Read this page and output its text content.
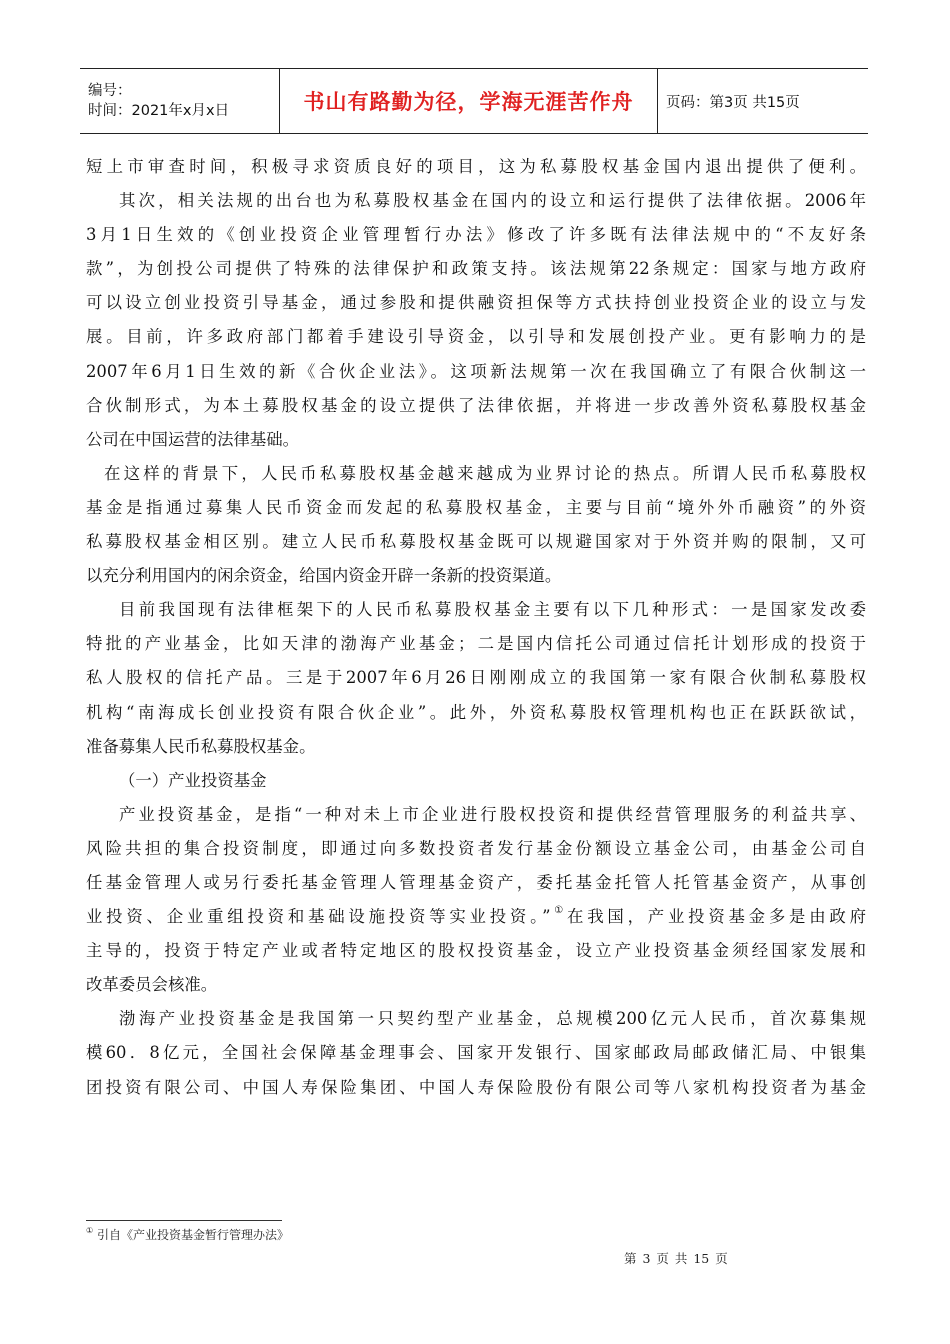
编号：
时间：2021年x月x日	书山有路勤为径，学海无涯苦作舟 页码：第3页 共15页
短上市审查时间，积极寻求资质良好的项目，这为私募股权基金国内退出提供了便利。
其次，相关法规的出台也为私募股权基金在国内的设立和运行提供了法律依据。2006年
3月1日生效的《创业投资企业管理暂行办法》修改了许多既有法律法规中的“不友好条
款”，为创投公司提供了特殊的法律保护和政策支持。该法规第22条规定：国家与地方政府
可以设立创业投资引导基金，通过参股和提供融资担保等方式扶持创业投资企业的设立与发
展。目前，许多政府部门都着手建设引导资金，以引导和发展创投产业。更有影响力的是
2007年6月1日生效的新《合伙企业法》。这项新法规第一次在我国确立了有限合伙制这一
合伙制形式，为本土募股权基金的设立提供了法律依据，并将进一步改善外资私募股权基金
公司在中国运营的法律基础。
在这样的背景下，人民币私募股权基金越来越成为业界讨论的热点。所谓人民币私募股权
基金是指通过募集人民币资金而发起的私募股权基金，主要与目前“境外外币融资”的外资
私募股权基金相区别。建立人民币私募股权基金既可以规避国家对于外资并购的限制，又可
以充分利用国内的闲余资金，给国内资金开辟一条新的投资渠道。
目前我国现有法律框架下的人民币私募股权基金主要有以下几种形式：一是国家发改委
特批的产业基金，比如天津的渤海产业基金；二是国内信托公司通过信托计划形成的投资于
私人股权的信托产品。三是于2007年6月26日刚刚成立的我国第一家有限合伙制私募股权
机构“南海成长创业投资有限合伙企业”。此外，外资私募股权管理机构也正在跃跃欲试，
准备募集人民币私募股权基金。
（一）产业投资基金
产业投资基金，是指“一种对未上市企业进行股权投资和提供经营管理服务的利益共享、
风险共担的集合投资制度，即通过向多数投资者发行基金份额设立基金公司，由基金公司自
任基金管理人或另行委托基金管理人管理基金资产，委托基金托管人托管基金资产，从事创
业投资、企业重组投资和基础设施投资等实业投资。”①在我国，产业投资基金多是由政府
主导的，投资于特定产业或者特定地区的股权投资基金，设立产业投资基金须经国家发展和
改革委员会核准。
渤海产业投资基金是我国第一只契约型产业基金，总规模200亿元人民币，首次募集规
模60．8亿元，全国社会保障基金理事会、国家开发银行、国家邮政局邮政储汇局、中银集
团投资有限公司、中国人寿保险集团、中国人寿保险股份有限公司等八家机构投资者为基金
① 引自《产业投资基金暂行管理办法》
第 3 页 共 15 页
